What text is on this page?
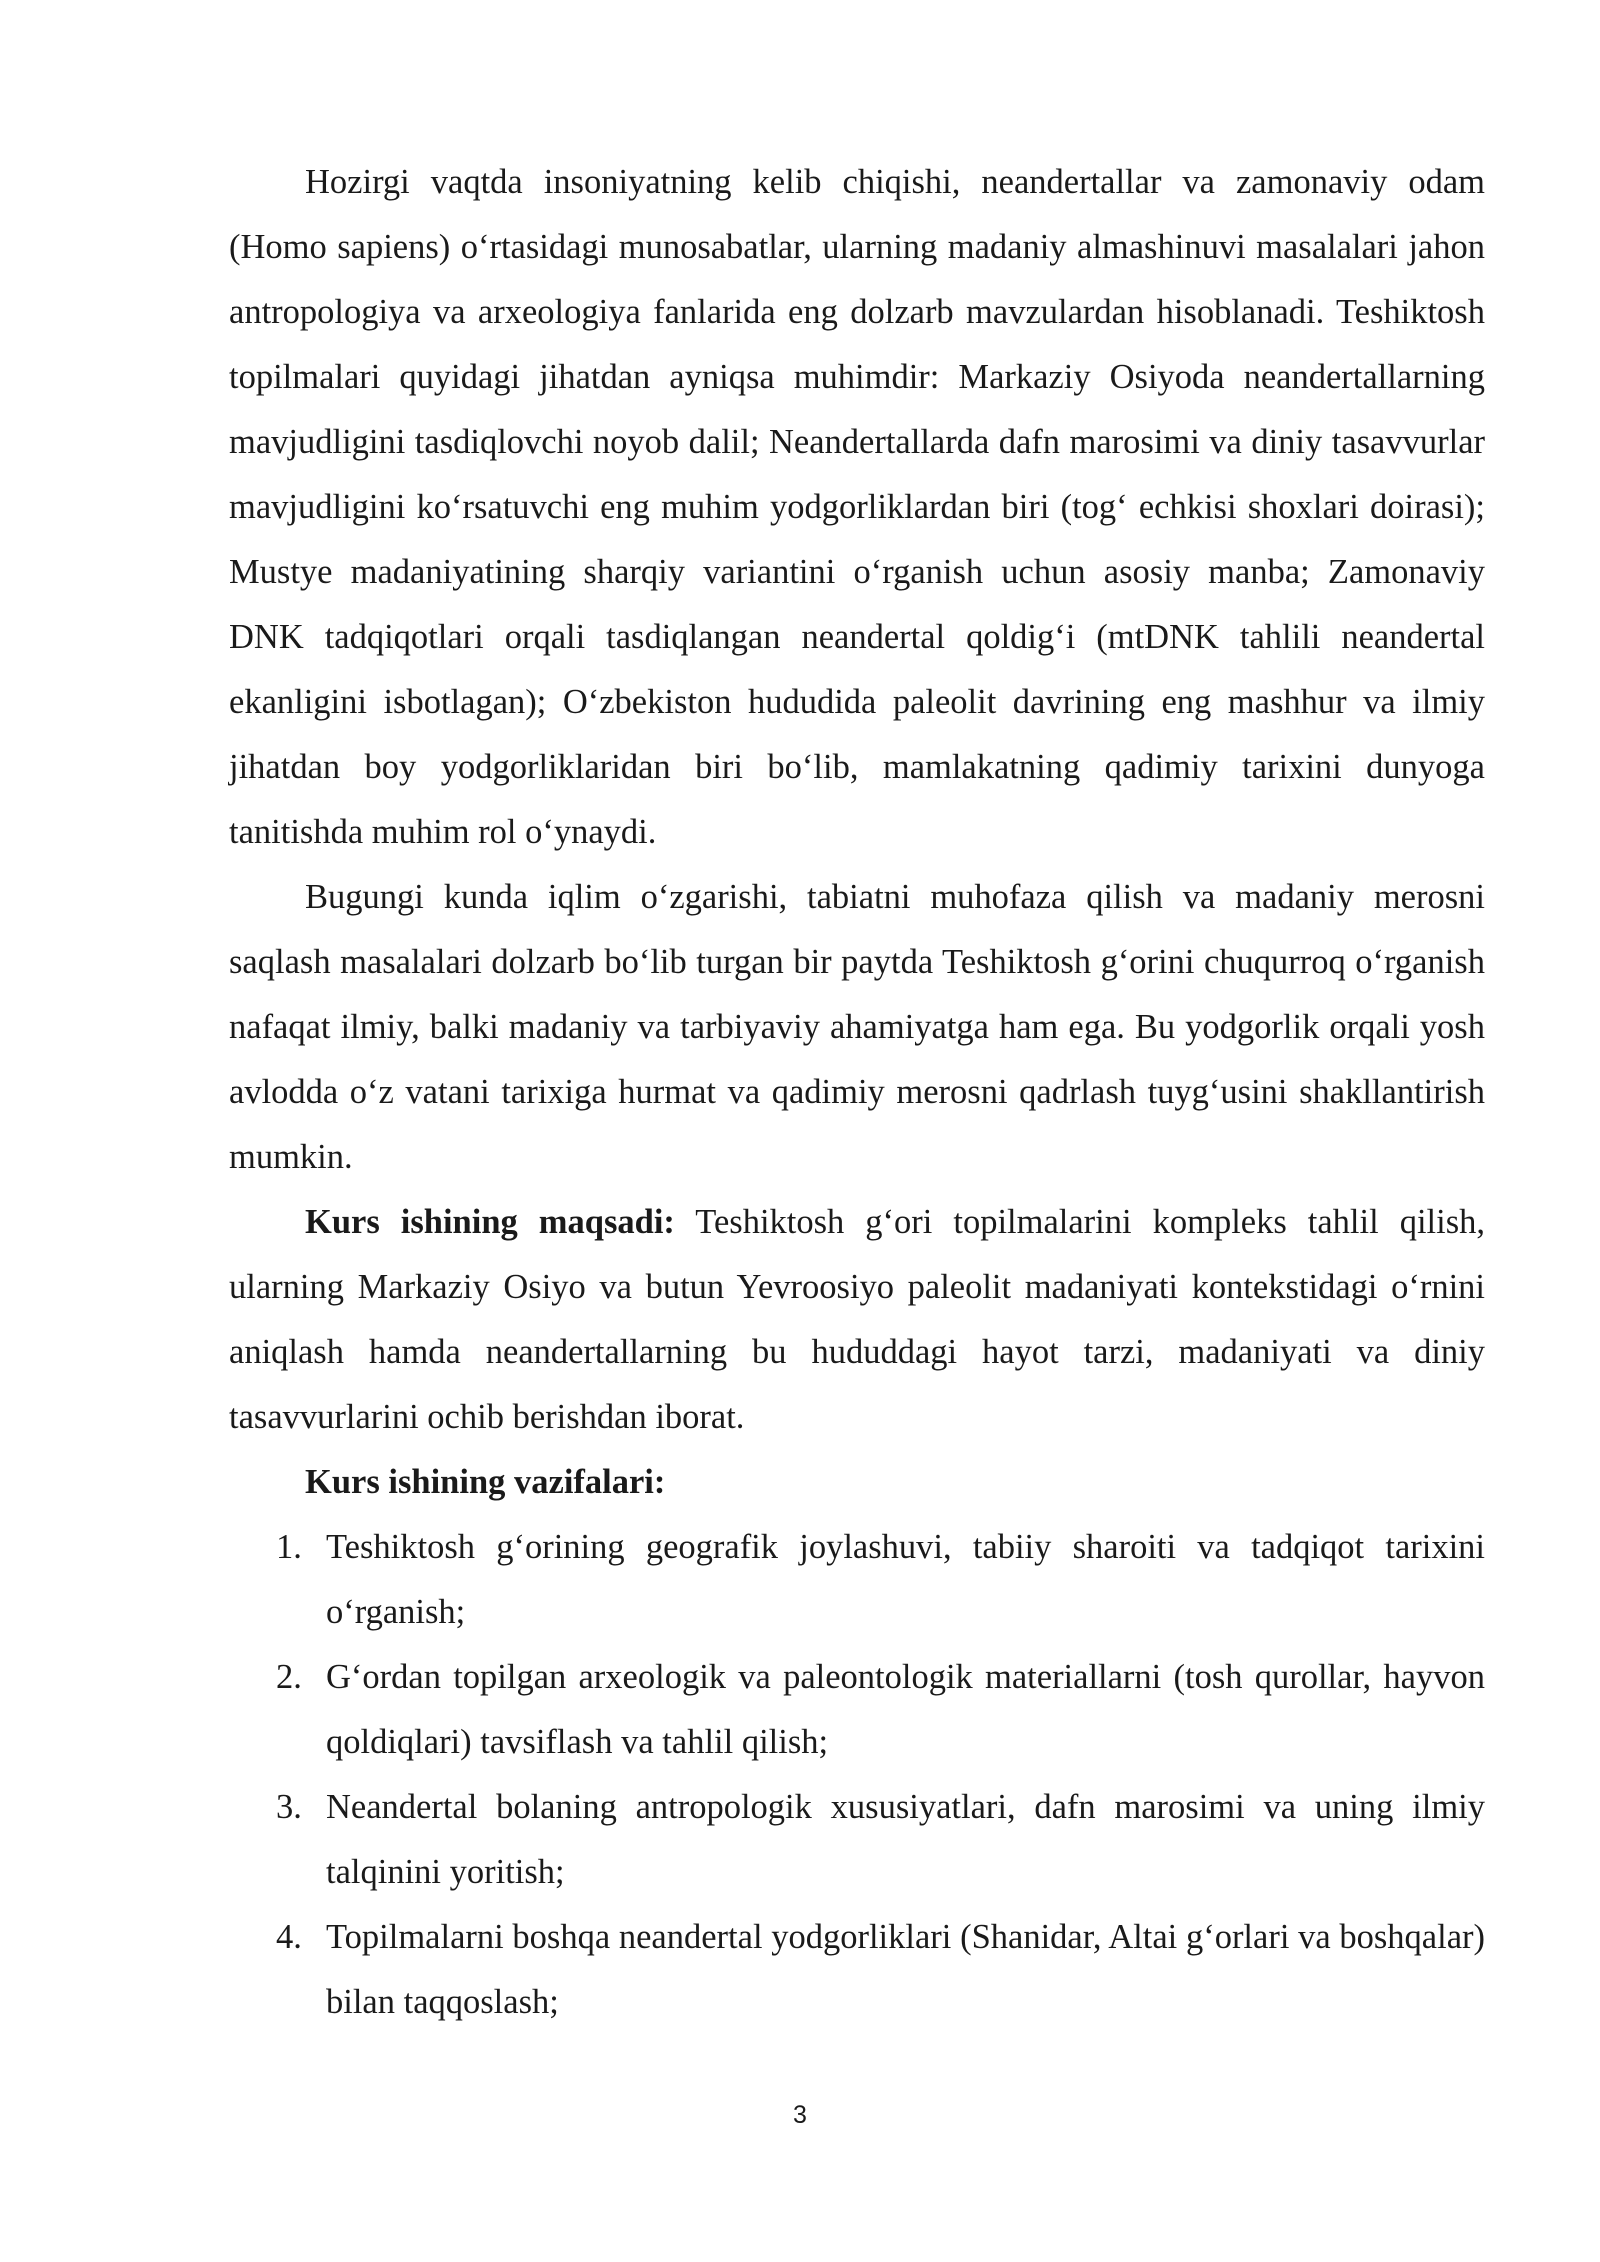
Hozirgi vaqtda insoniyatning kelib chiqishi, neandertallar va zamonaviy odam (Homo sapiens) o‘rtasidagi munosabatlar, ularning madaniy almashinuvi masalalari jahon antropologiya va arxeologiya fanlarida eng dolzarb mavzulardan hisoblanadi. Teshiktosh topilmalari quyidagi jihatdan ayniqsa muhimdir: Markaziy Osiyoda neandertallarning mavjudligini tasdiqlovchi noyob dalil; Neandertallarda dafn marosimi va diniy tasavvurlar mavjudligini ko‘rsatuvchi eng muhim yodgorliklardan biri (tog‘ echkisi shoxlari doirasi); Mustye madaniyatining sharqiy variantini o‘rganish uchun asosiy manba; Zamonaviy DNK tadqiqotlari orqali tasdiqlangan neandertal qoldig‘i (mtDNK tahlili neandertal ekanligini isbotlagan); O‘zbekiston hududida paleolit davrining eng mashhur va ilmiy jihatdan boy yodgorliklaridan biri bo‘lib, mamlakatning qadimiy tarixini dunyoga tanitishda muhim rol o‘ynaydi.

Bugungi kunda iqlim o‘zgarishi, tabiatni muhofaza qilish va madaniy merosni saqlash masalalari dolzarb bo‘lib turgan bir paytda Teshiktosh g‘orini chuqurroq o‘rganish nafaqat ilmiy, balki madaniy va tarbiyaviy ahamiyatga ham ega. Bu yodgorlik orqali yosh avlodda o‘z vatani tarixiga hurmat va qadimiy merosni qadrlash tuyg‘usini shakllantirish mumkin.

Kurs ishining maqsadi: Teshiktosh g‘ori topilmalarini kompleks tahlil qilish, ularning Markaziy Osiyo va butun Yevroosiyo paleolit madaniyati kontekstidagi o‘rnini aniqlash hamda neandertallarning bu hududdagi hayot tarzi, madaniyati va diniy tasavvurlarini ochib berishdan iborat.

Kurs ishining vazifalari:

1. Teshiktosh g‘orining geografik joylashuvi, tabiiy sharoiti va tadqiqot tarixini o‘rganish;
2. G‘ordan topilgan arxeologik va paleontologik materiallarni (tosh qurollar, hayvon qoldiqlari) tavsiflash va tahlil qilish;
3. Neandertal bolaning antropologik xususiyatlari, dafn marosimi va uning ilmiy talqinini yoritish;
4. Topilmalarni boshqa neandertal yodgorliklari (Shanidar, Altai g‘orlari va boshqalar) bilan taqqoslash;
3
